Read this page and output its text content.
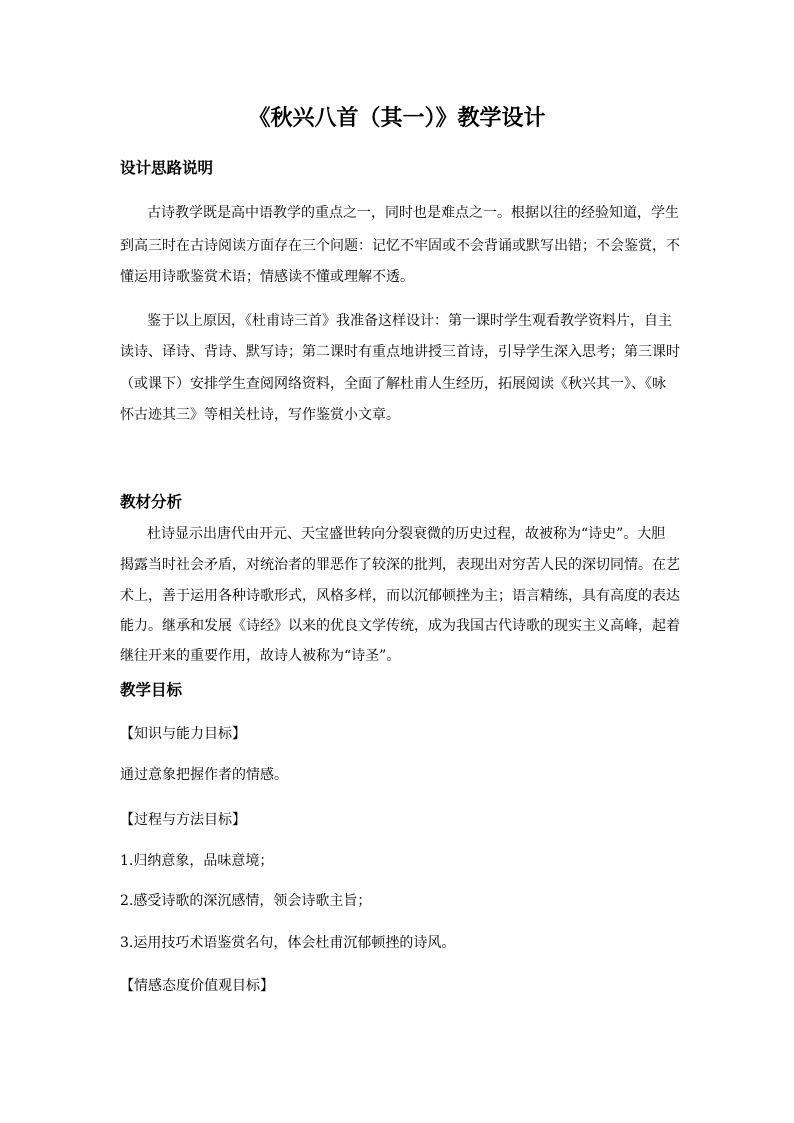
《秋兴八首（其一）》教学设计
设计思路说明
古诗教学既是高中语教学的重点之一，同时也是难点之一。根据以往的经验知道，学生
到高三时在古诗阅读方面存在三个问题：记忆不牢固或不会背诵或默写出错；不会鉴赏，不
懂运用诗歌鉴赏术语；情感读不懂或理解不透。
鉴于以上原因，《杜甫诗三首》我准备这样设计：第一课时学生观看教学资料片，自主
读诗、译诗、背诗、默写诗；第二课时有重点地讲授三首诗，引导学生深入思考；第三课时
（或课下）安排学生查阅网络资料，全面了解杜甫人生经历，拓展阅读《秋兴其一》、《咏
怀古迹其三》等相关杜诗，写作鉴赏小文章。
教材分析
杜诗显示出唐代由开元、天宝盛世转向分裂衰微的历史过程，故被称为“诗史”。大胆
揭露当时社会矛盾，对统治者的罪恶作了较深的批判，表现出对穷苦人民的深切同情。在艺
术上，善于运用各种诗歌形式，风格多样，而以沉郁顿挫为主；语言精练，具有高度的表达
能力。继承和发展《诗经》以来的优良文学传统，成为我国古代诗歌的现实主义高峰，起着
继往开来的重要作用，故诗人被称为“诗圣”。
教学目标
【知识与能力目标】
通过意象把握作者的情感。
【过程与方法目标】
1.归纳意象，品味意境；
2.感受诗歌的深沉感情，领会诗歌主旨；
3.运用技巧术语鉴赏名句，体会杜甫沉郁顿挫的诗风。
【情感态度价值观目标】
